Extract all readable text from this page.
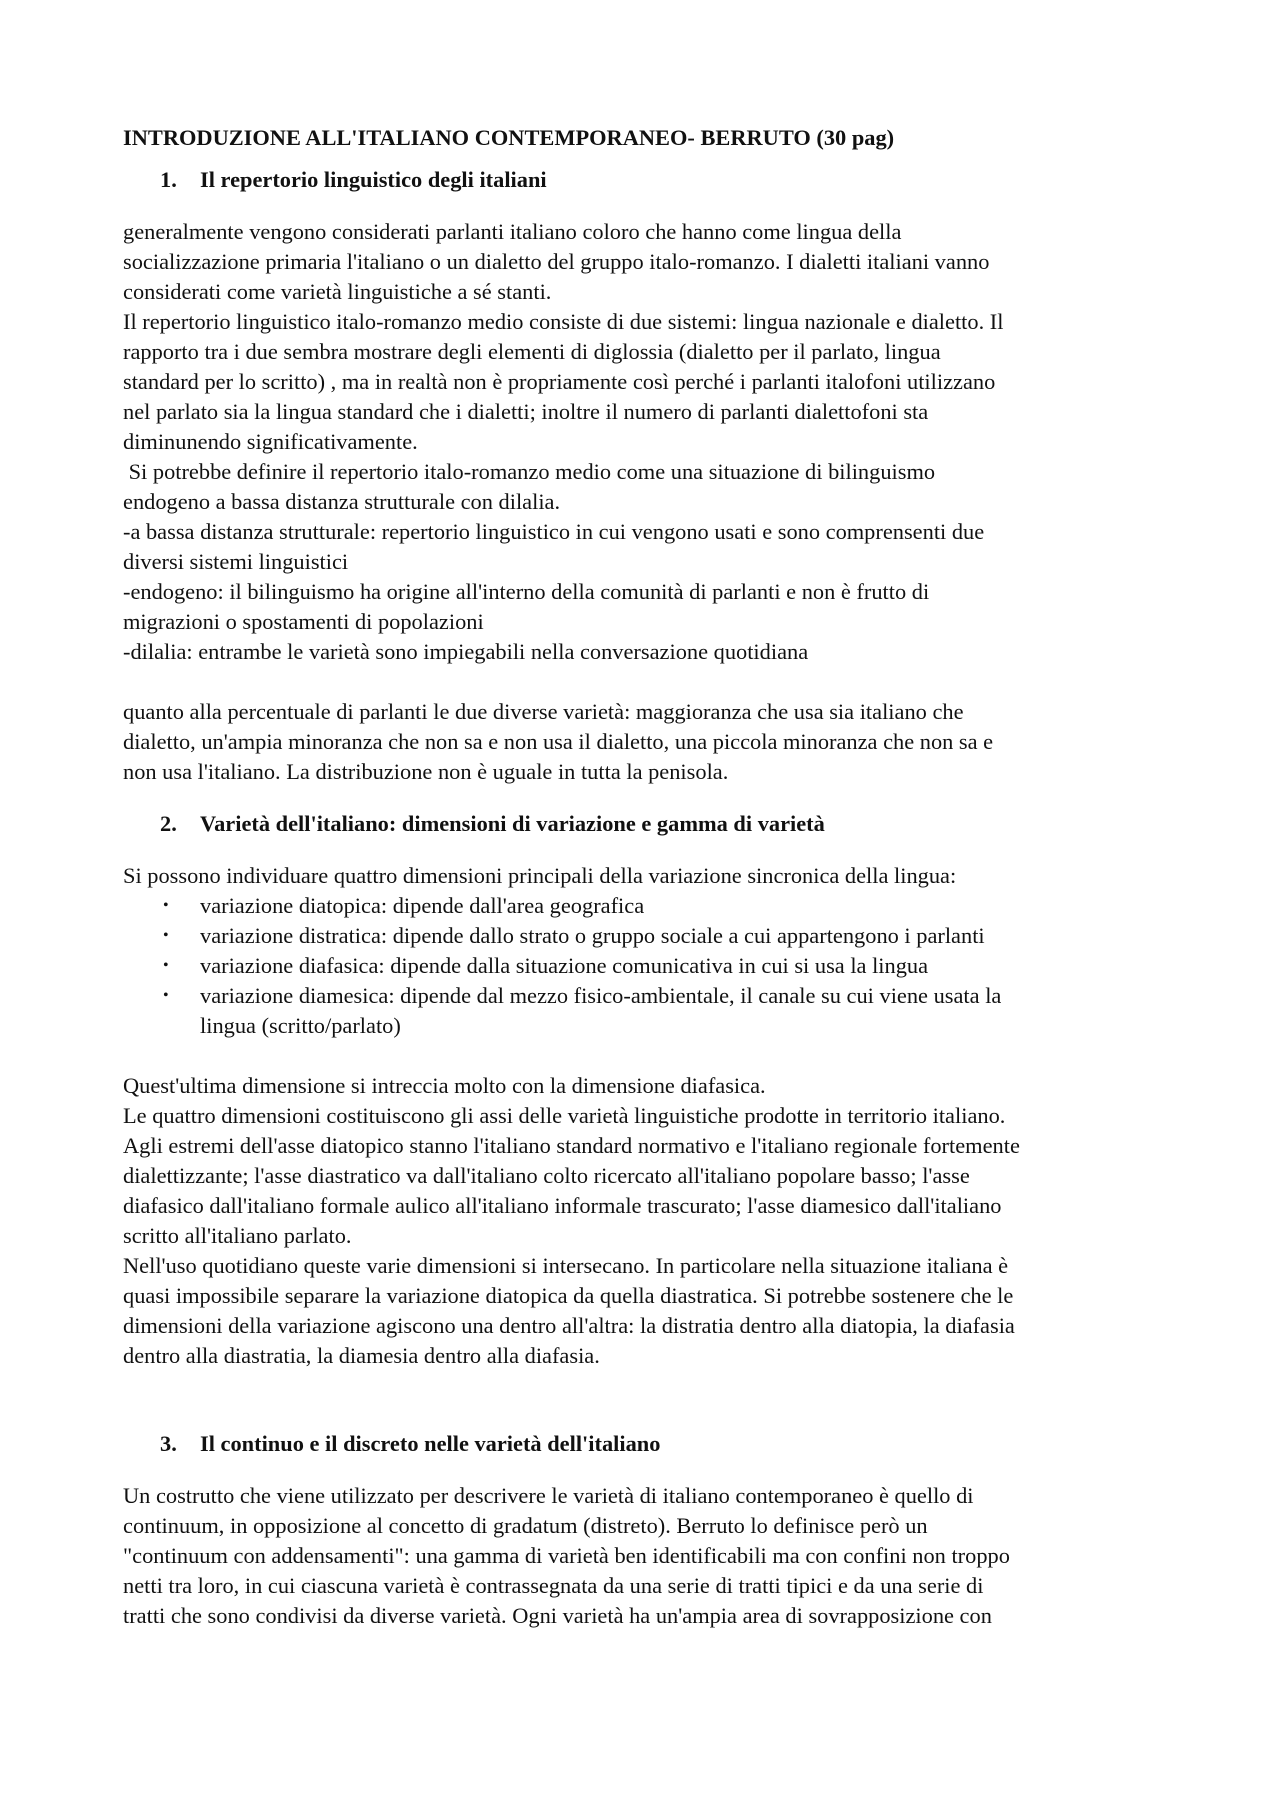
INTRODUZIONE ALL'ITALIANO CONTEMPORANEO- BERRUTO (30 pag)
1. Il repertorio linguistico degli italiani
generalmente vengono considerati parlanti italiano coloro che hanno come lingua della
socializzazione primaria l'italiano o un dialetto del gruppo italo-romanzo. I dialetti italiani vanno
considerati come varietà linguistiche a sé stanti.
Il repertorio linguistico italo-romanzo medio consiste di due sistemi: lingua nazionale e dialetto. Il
rapporto tra i due sembra mostrare degli elementi di diglossia (dialetto per il parlato, lingua
standard per lo scritto) , ma in realtà non è propriamente così perché i parlanti italofoni utilizzano
nel parlato sia la lingua standard che i dialetti; inoltre il numero di parlanti dialettofoni sta
diminunendo significativamente.
Si potrebbe definire il repertorio italo-romanzo medio come una situazione di bilinguismo
endogeno a bassa distanza strutturale con dilalia.
-a bassa distanza strutturale: repertorio linguistico in cui vengono usati e sono comprensenti due
diversi sistemi linguistici
-endogeno: il bilinguismo ha origine all'interno della comunità di parlanti e non è frutto di
migrazioni o spostamenti di popolazioni
-dilalia: entrambe le varietà sono impiegabili nella conversazione quotidiana
quanto alla percentuale di parlanti le due diverse varietà: maggioranza che usa sia italiano che
dialetto, un'ampia minoranza che non sa e non usa il dialetto, una piccola minoranza che non sa e
non usa l'italiano. La distribuzione non è uguale in tutta la penisola.
2. Varietà dell'italiano: dimensioni di variazione e gamma di varietà
Si possono individuare quattro dimensioni principali della variazione sincronica della lingua:
• variazione diatopica: dipende dall'area geografica
• variazione distratica: dipende dallo strato o gruppo sociale a cui appartengono i parlanti
• variazione diafasica: dipende dalla situazione comunicativa in cui si usa la lingua
• variazione diamesica: dipende dal mezzo fisico-ambientale, il canale su cui viene usata la
lingua (scritto/parlato)
Quest'ultima dimensione si intreccia molto con la dimensione diafasica.
Le quattro dimensioni costituiscono gli assi delle varietà linguistiche prodotte in territorio italiano.
Agli estremi dell'asse diatopico stanno l'italiano standard normativo e l'italiano regionale fortemente
dialettizzante; l'asse diastratico va dall'italiano colto ricercato all'italiano popolare basso; l'asse
diafasico dall'italiano formale aulico all'italiano informale trascurato; l'asse diamesico dall'italiano
scritto all'italiano parlato.
Nell'uso quotidiano queste varie dimensioni si intersecano. In particolare nella situazione italiana è
quasi impossibile separare la variazione diatopica da quella diastratica. Si potrebbe sostenere che le
dimensioni della variazione agiscono una dentro all'altra: la distratia dentro alla diatopia, la diafasia
dentro alla diastratia, la diamesia dentro alla diafasia.
3. Il continuo e il discreto nelle varietà dell'italiano
Un costrutto che viene utilizzato per descrivere le varietà di italiano contemporaneo è quello di
continuum, in opposizione al concetto di gradatum (distreto). Berruto lo definisce però un
"continuum con addensamenti": una gamma di varietà ben identificabili ma con confini non troppo
netti tra loro, in cui ciascuna varietà è contrassegnata da una serie di tratti tipici e da una serie di
tratti che sono condivisi da diverse varietà. Ogni varietà ha un'ampia area di sovrapposizione con
